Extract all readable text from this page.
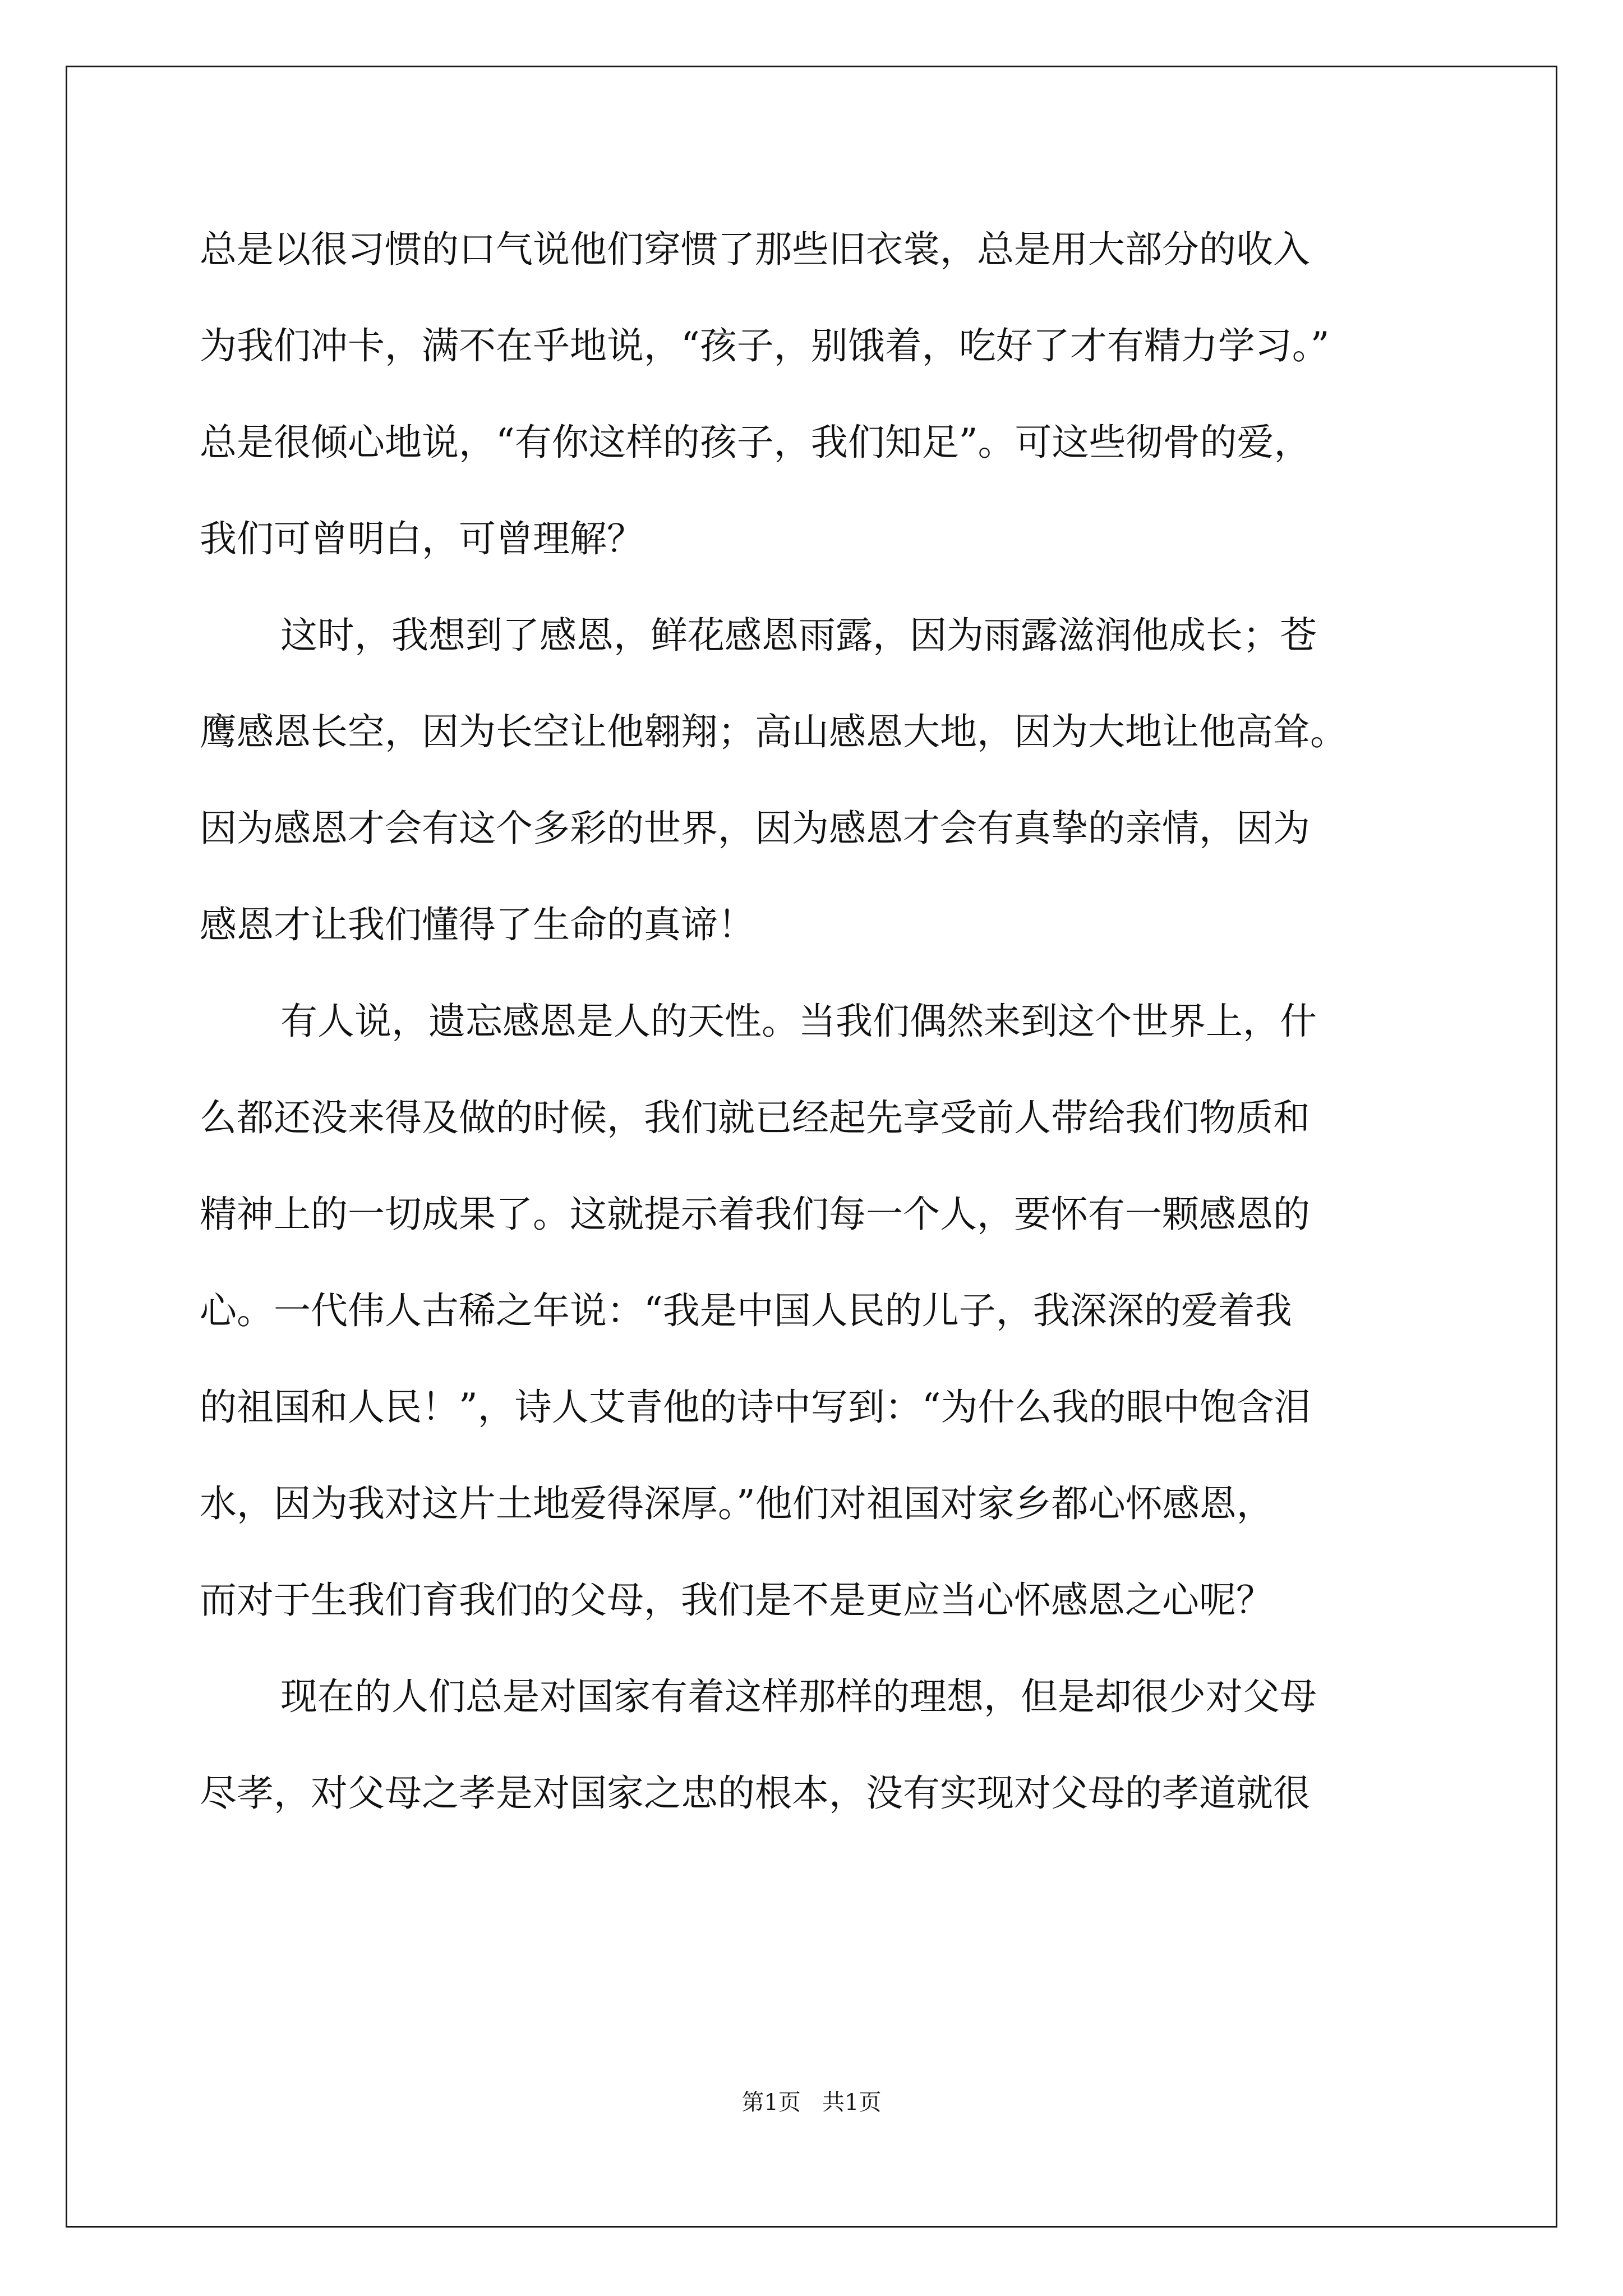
总是以很习惯的口气说他们穿惯了那些旧衣裳，总是用大部分的收入
为我们冲卡，满不在乎地说，“孩子，别饿着，吃好了才有精力学习。”
总是很倾心地说，“有你这样的孩子，我们知足”。可这些彻骨的爱，
我们可曾明白，可曾理解？
这时，我想到了感恩，鲜花感恩雨露，因为雨露滋润他成长；苍
鹰感恩长空，因为长空让他翱翔；高山感恩大地，因为大地让他高耸。
因为感恩才会有这个多彩的世界，因为感恩才会有真挚的亲情，因为
感恩才让我们懂得了生命的真谛！
有人说，遗忘感恩是人的天性。当我们偶然来到这个世界上，什
么都还没来得及做的时候，我们就已经起先享受前人带给我们物质和
精神上的一切成果了。这就提示着我们每一个人，要怀有一颗感恩的
心。一代伟人古稀之年说：“我是中国人民的儿子，我深深的爱着我
的祖国和人民！”，诗人艾青他的诗中写到：“为什么我的眼中饱含泪
水，因为我对这片土地爱得深厚。”他们对祖国对家乡都心怀感恩，
而对于生我们育我们的父母，我们是不是更应当心怀感恩之心呢？
现在的人们总是对国家有着这样那样的理想，但是却很少对父母
尽孝，对父母之孝是对国家之忠的根本，没有实现对父母的孝道就很
第1页   共1页
